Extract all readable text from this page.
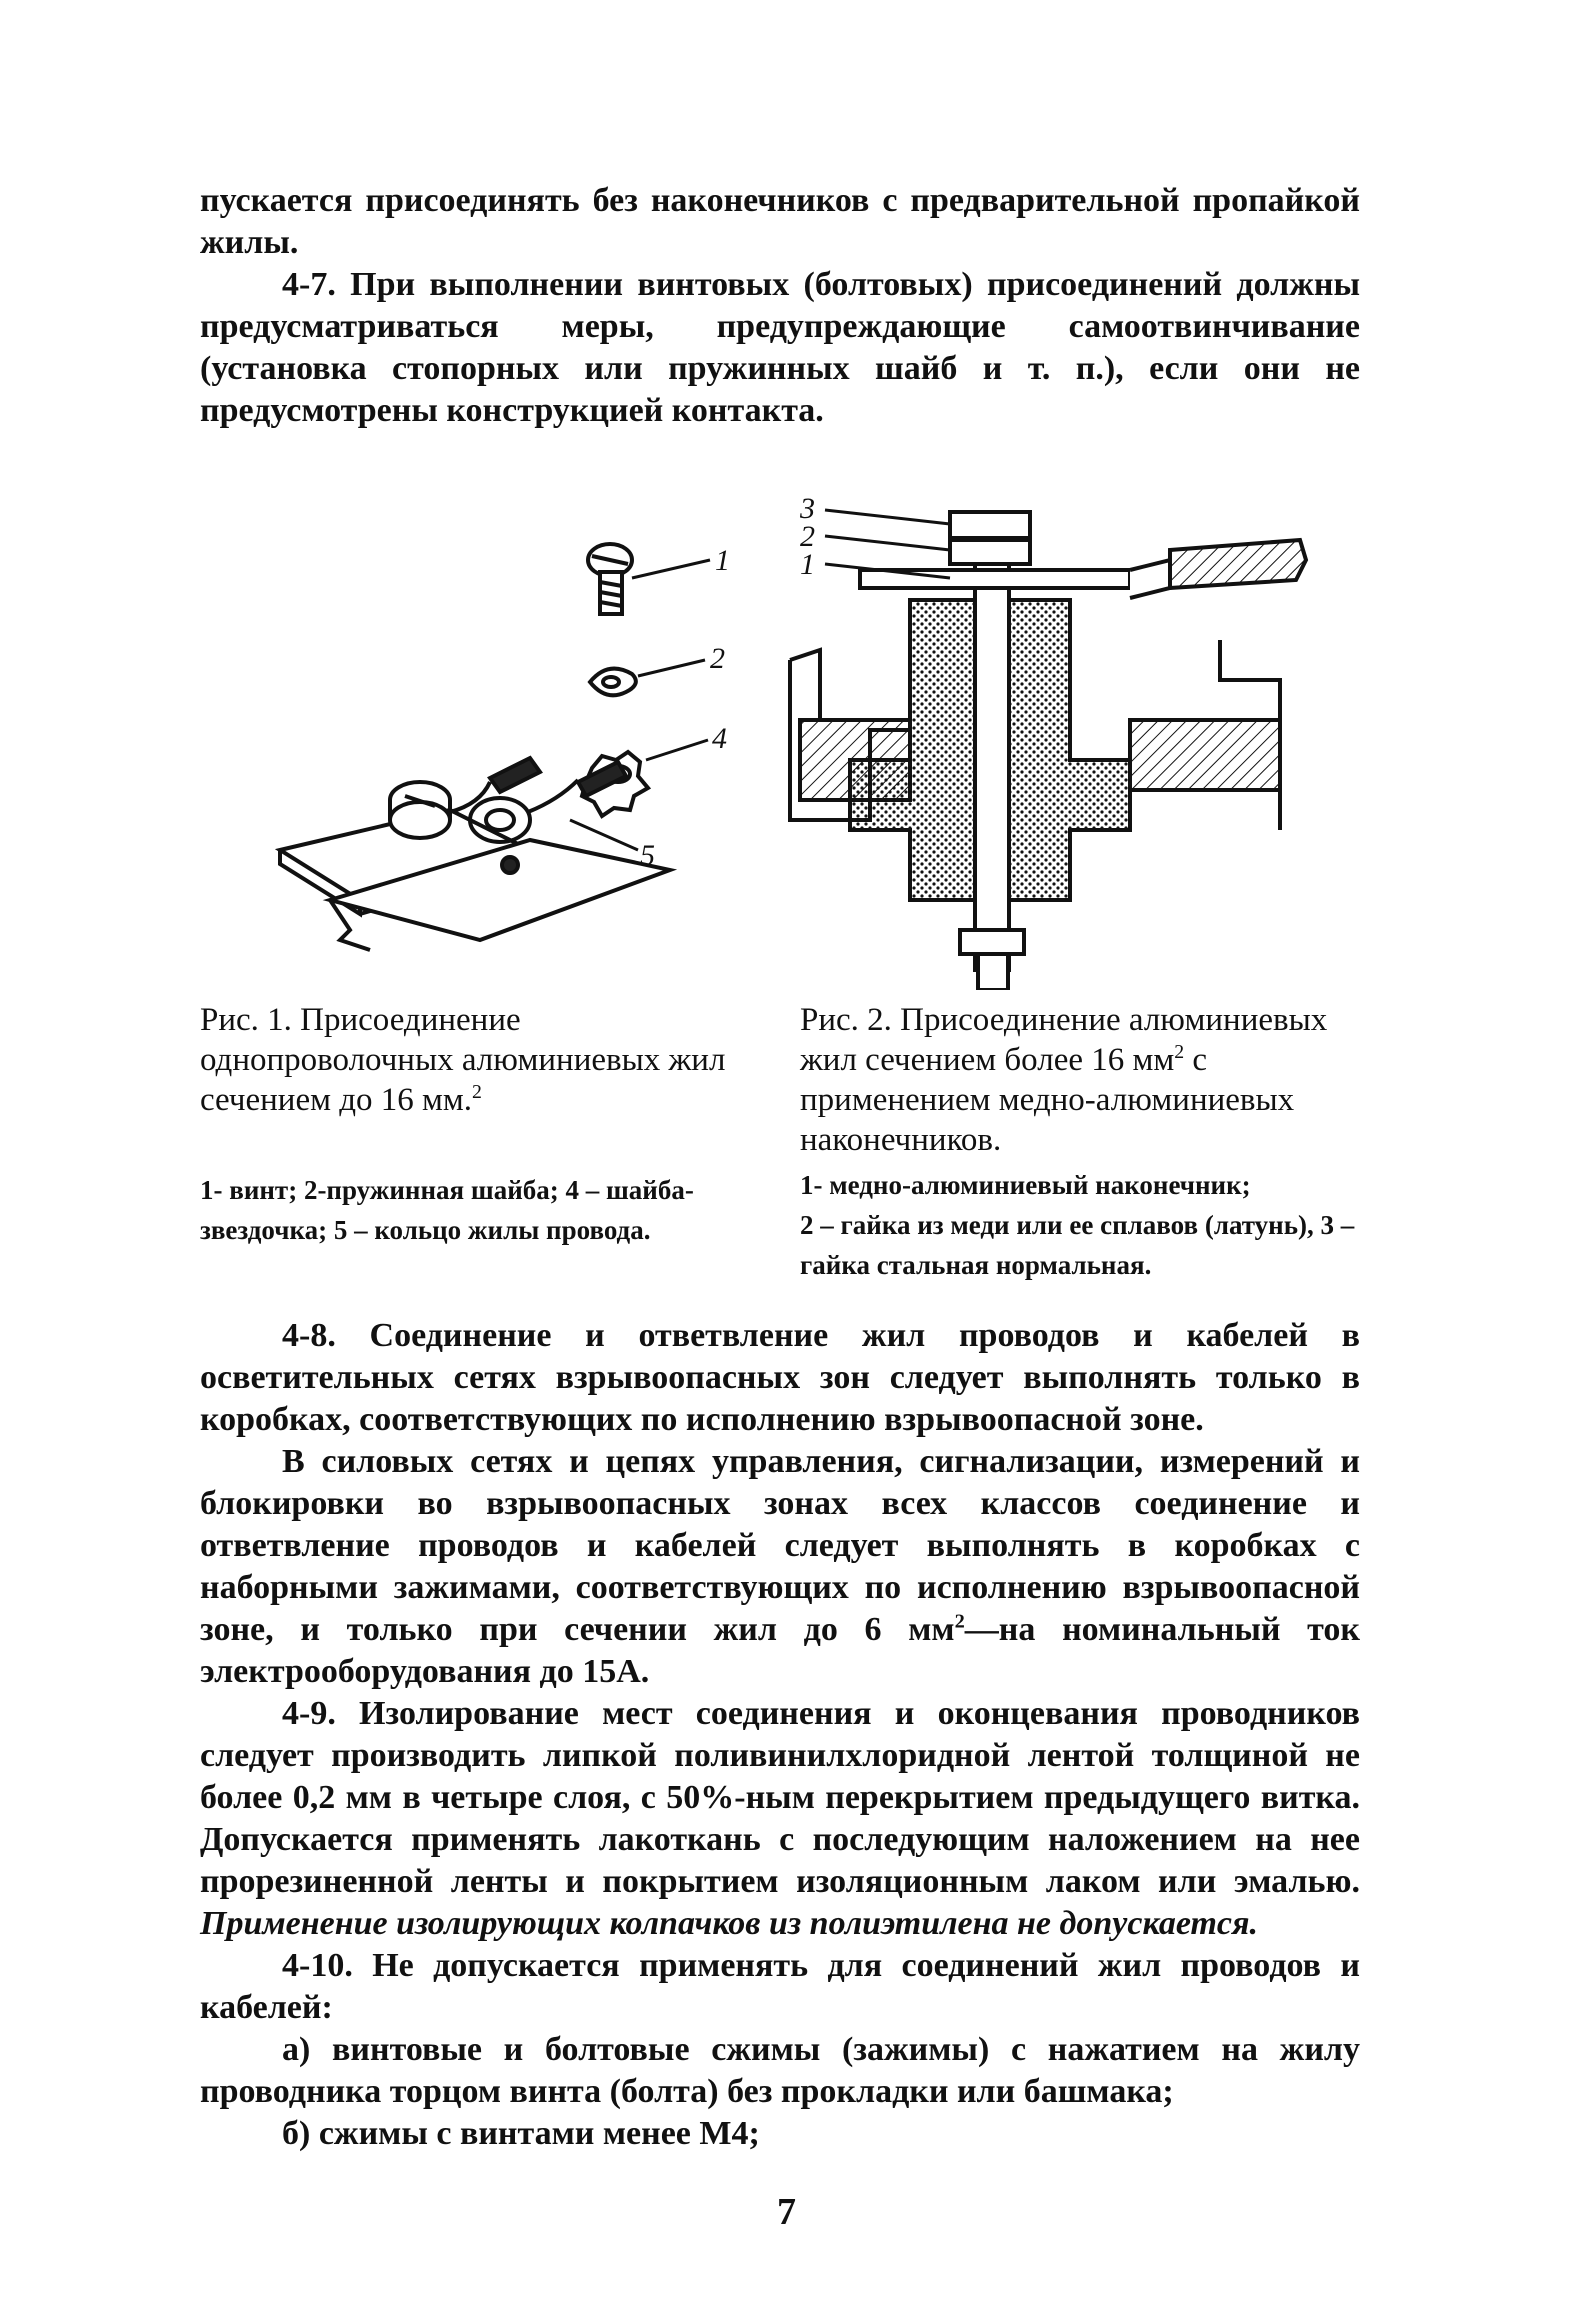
пускается присоединять без наконечников с предварительной пропайкой жилы.

4-7. При выполнении винтовых (болтовых) присоединений должны предусматриваться меры, предупреждающие самоотвинчивание (установка стопорных или пружинных шайб и т. п.), если они не предусмотрены конструкцией контакта.

1
2
4
5
3
2
1
Рис. 1. Присоединение однопроволочных алюминиевых жил сечением до 16 мм.$^2$
1- винт; 2-пружинная шайба; 4 – шайба-звездочка; 5 – кольцо жилы провода.
Рис. 2. Присоединение алюминиевых жил сечением более 16 $мм^2$ с применением медно-алюминиевых наконечников.
1- медно-алюминиевый наконечник;
2 – гайка из меди или ее сплавов (латунь), 3 – гайка стальная нормальная.

4-8. Соединение и ответвление жил проводов и кабелей в осветительных сетях взрывоопасных зон следует выполнять только в коробках, соответствующих по исполнению взрывоопасной зоне.

В силовых сетях и цепях управления, сигнализации, измерений и блокировки во взрывоопасных зонах всех классов соединение и ответвление проводов и кабелей следует выполнять в коробках с наборными зажимами, соответствующих по исполнению взрывоопасной зоне, и только при сечении жил до 6 $мм^2—на$ номинальный ток электрооборудования до 15А.

4-9. Изолирование мест соединения и оконцевания проводников следует производить липкой поливинилхлоридной лентой толщиной не более 0,2 мм в четыре слоя, с 50%-ным перекрытием предыдущего витка. Допускается применять лакоткань с последующим наложением на нее прорезиненной ленты и покрытием изоляционным лаком или эмалью. Применение изолирующих колпачков из полиэтилена не допускается.

4-10. Не допускается применять для соединений жил проводов и кабелей:

а) винтовые и болтовые сжимы (зажимы) с нажатием на жилу проводника торцом винта (болта) без прокладки или башмака;

б) сжимы с винтами менее М4;

7
